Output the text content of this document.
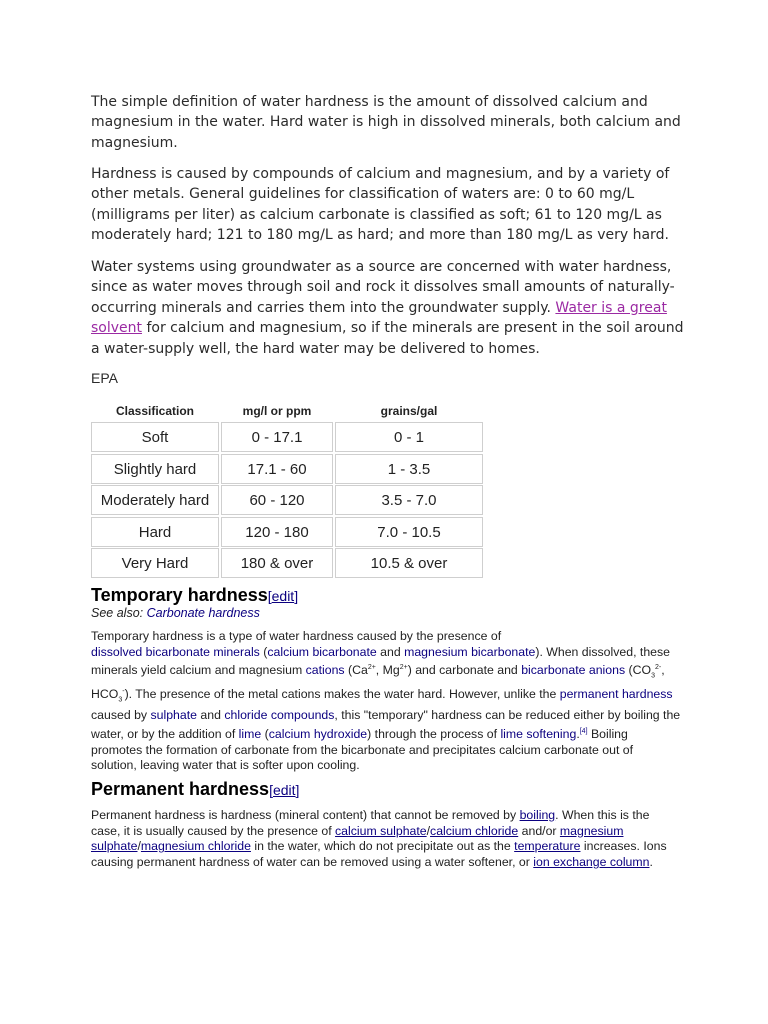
The simple definition of water hardness is the amount of dissolved calcium and magnesium in the water. Hard water is high in dissolved minerals, both calcium and magnesium.

Hardness is caused by compounds of calcium and magnesium, and by a variety of other metals. General guidelines for classification of waters are: 0 to 60 mg/L (milligrams per liter) as calcium carbonate is classified as soft; 61 to 120 mg/L as moderately hard; 121 to 180 mg/L as hard; and more than 180 mg/L as very hard.

Water systems using groundwater as a source are concerned with water hardness, since as water moves through soil and rock it dissolves small amounts of naturally-occurring minerals and carries them into the groundwater supply. Water is a great solvent for calcium and magnesium, so if the minerals are present in the soil around a water-supply well, the hard water may be delivered to homes.

EPA
Classification	mg/l or ppm	grains/gal
Soft	0 - 17.1	0 - 1
Slightly hard	17.1 - 60	1 - 3.5
Moderately hard	60 - 120	3.5 - 7.0
Hard	120 - 180	7.0 - 10.5
Very Hard	180 & over	10.5 & over
Temporary hardness[edit]
See also: Carbonate hardness

Temporary hardness is a type of water hardness caused by the presence of
dissolved bicarbonate minerals (calcium bicarbonate and magnesium bicarbonate). When dissolved, these minerals yield calcium and magnesium cations ($Ca^{2+}$, $Mg^{2+}$) and carbonate and bicarbonate anions ($CO_3^{2-}$, $HCO_3^-$). The presence of the metal cations makes the water hard. However, unlike the permanent hardness caused by sulphate and chloride compounds, this "temporary" hardness can be reduced either by boiling the water, or by the addition of lime (calcium hydroxide) through the process of lime softening.[4] Boiling promotes the formation of carbonate from the bicarbonate and precipitates calcium carbonate out of solution, leaving water that is softer upon cooling.

Permanent hardness[edit]

Permanent hardness is hardness (mineral content) that cannot be removed by boiling. When this is the case, it is usually caused by the presence of calcium sulphate/calcium chloride and/or magnesium sulphate/magnesium chloride in the water, which do not precipitate out as the temperature increases. Ions causing permanent hardness of water can be removed using a water softener, or ion exchange column.
